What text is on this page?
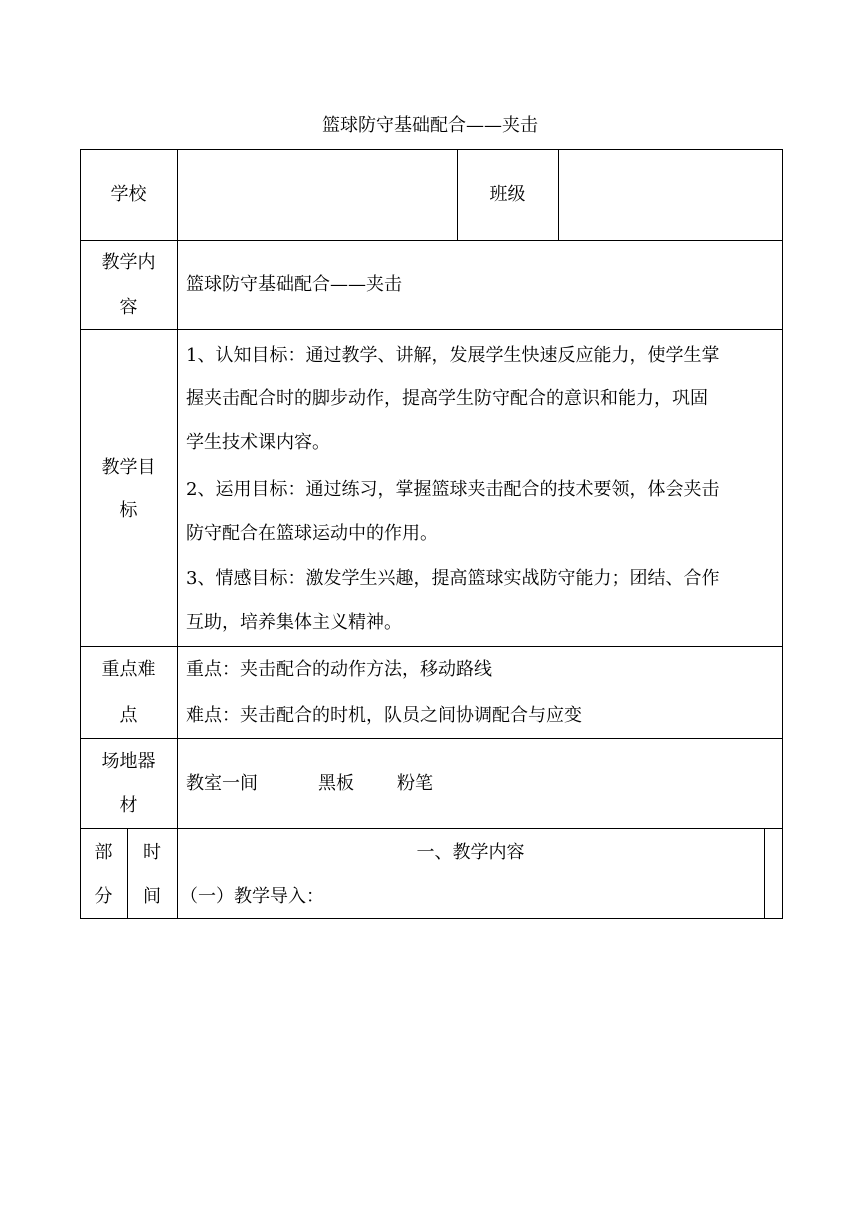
篮球防守基础配合——夹击
学校	班级
教学内
容
篮球防守基础配合——夹击
教学目
标
1、认知目标：通过教学、讲解，发展学生快速反应能力，使学生掌
握夹击配合时的脚步动作，提高学生防守配合的意识和能力，巩固
学生技术课内容。
2、运用目标：通过练习，掌握篮球夹击配合的技术要领，体会夹击
防守配合在篮球运动中的作用。
3、情感目标：激发学生兴趣，提高篮球实战防守能力；团结、合作
互助，培养集体主义精神。
重点难
点
重点：夹击配合的动作方法，移动路线
难点：夹击配合的时机，队员之间协调配合与应变
场地器
材
教室一间	黑板 粉笔
部
分
时
间
一、教学内容
（一）教学导入：
